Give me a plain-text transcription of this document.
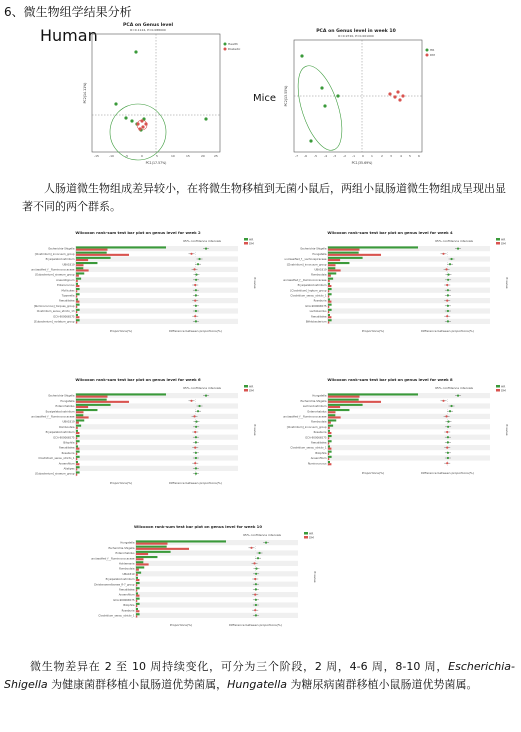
6、微生物组学结果分析
Human
PCA on Genus level
R=0.1124, P=0.088000
Health
Diabetic
-15	-10	-5	0	5	10	15	20	25
PC1(17.57%)
PC2(14.11%)	Mice
PCA on Genus level in week 10
R=0.9720, P=0.001000
HR
DM
-7 -6 -5 -4 -3 -2 -1 0 1	2 3	4 5 6
PC1(35.69%)
PC2(13.55%)
人肠道微生物组成差异较小，在将微生物移植到无菌小鼠后，两组小鼠肠道微生物组成呈现出显著不同的两个群系。
Wilcoxon rank-sum test bar plot on genus level for week 2
95% confidence intervals	HR
DM
Escherichia-Shigella
[Clostridium]_innocuum_group
Erysipelatoclostridium
UBA1819
unclassified_f__Ruminococcaceae
[Eubacterium]_siraeum_group
Anaerotignum
Enterococcus
Mollicutes
Tuzzerella
Faecalitalea
[Ruminococcus]_torques_group
Clostridium_sensu_stricto_13
GCA-900066575
[Eubacterium]_nodatum_group
Proportions(%)	Difference between proportions(%)
P-value
Wilcoxon rank-sum test bar plot on genus level for week 4
95% confidence intervals	HR
DM
Escherichia-Shigella
Hungatella
unclassified_f__Lachnospiraceae
[Clostridium]_innocuum_group
UBA1819
Romboutsia
unclassified_f__Ruminococcaceae
Erysipelatoclostridium
[Clostridium]_leptum_group
Clostridium_sensu_stricto_1
Roseburia
GCA-900066575
Lactobacillus
Faecalitalea
Bifidobacterium
Proportions(%)	Difference between proportions(%)
P-value
Wilcoxon rank-sum test bar plot on genus level for week 6
95% confidence intervals	HR
DM
Escherichia-Shigella
Hungatella
Enterorhabdus
Erysipelatoclostridium
unclassified_f__Ruminococcaceae
UBA1819
Romboutsia
Erysipelatoclostridium
GCA-900066575
Bilophila
Faecalitalea
Roseburia
Clostridium_sensu_stricto_1
Anaerofilum
Alistipes
[Eubacterium]_siraeum_group
Proportions(%)	Difference between proportions(%)
P-value
Wilcoxon rank-sum test bar plot on genus level for week 8
95% confidence intervals	HR
DM
Hungatella
Escherichia-Shigella
Lachnoclostridium
Enterorhabdus
unclassified_f__Ruminococcaceae
Romboutsia
[Clostridium]_innocuum_group
Roseburia
GCA-900066575
Faecalitalea
Clostridium_sensu_stricto_1
Bilophila
Anaerofilum
Ruminococcus
Proportions(%)	Difference between proportions(%)
P-value
Wilcoxon rank-sum test bar plot on genus level for week 10
95% confidence intervals	HR
DM
Hungatella
Escherichia-Shigella
Enterorhabdus
unclassified_f__Ruminococcaceae
Holdemania
Romboutsia
UBA1819
Erysipelatoclostridium
Christensenellaceae_R-7_group
Faecalitalea
Anaerofilum
GCA-900066575
Bilophila
Roseburia
Clostridium_sensu_stricto_1
Proportions(%)	Difference between proportions(%)
P-value
微生物差异在 2 至 10 周持续变化，可分为三个阶段，2 周，4-6 周，8-10 周，Escherichia-Shigella 为健康菌群移植小鼠肠道优势菌属，Hungatella 为糖尿病菌群移植小鼠肠道优势菌属。
